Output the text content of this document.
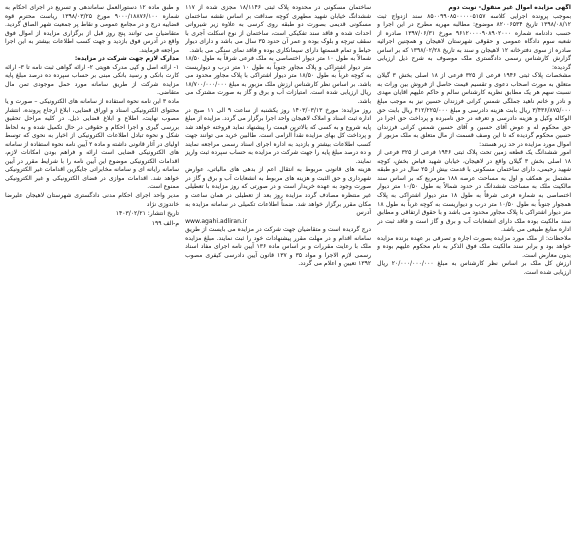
آگهی مزایده اموال غیر منقول- نوبت دوم

بموجب پرونده اجرایی کلاسه ۸۵۰۰۹۹۰۸۵۰۰۰۰۰۵۱۵۷ سند ازدواج ثبت ۱۳۹۸/۰۸/۱۲ تاریخ ۸۲۰۰۶۵۳۴ موضوع: مطالبه مهریه مطرح در این اجرا و حسب دادنامه شماره ۹۶۱۲۰۰۰۰۹۰۸۹۰۲۰۰۰ مورخ ۱۳۹۷/۰۶/۳۱ صادره از شعبه سوم دادگاه عمومی و حقوقی شهرستان لاهیجان و همچنین اجرائیه صادره از سوی دفترخانه ۱۲ لاهیجان و سند به تاریخ ۱۳۹۸/۰۲/۲۸ که بر اساس گزارش کارشناس رسمی دادگستری ملک موصوف به شرح ذیل ارزیابی گردیده:

مشخصات پلاک ثبتی ۱۹۴۶ فرعی از ۳۲۵ فرعی از ۱۸ اصلی بخش ۳ گیلان متعلق به مورث اصحاب دعوی و تقسیم قیمت حاصل از فروش بین وراث به نسبت سهم هر یک مطابق نظریه کارشناس سالم و حاکم علیهم اقایان مهدی و نادر و خانم ناهید جملگی شمس کرانی فرزندان حسین نیز به موجب مبلغ ۳/۴۳۶/۸۷۵/۰۰۰ ریال بابت هزینه دادرسی و مبلغ ۴۱۲/۲۲۵/۰۰۰ ریال بابت حق الوکاله وکیل و هزینه دادرسی و تعرفه در حق نامبرده و پرداخت حق اجرا در حق محکوم له و عوض آقای حسین و آقای حسین شمس کرانی فرزندان حسین محکوم گردیده که تا این وصف قسمت از مال متعلق به ملک مزبور از اموال مورد مزایده در حد زیر هستند:

امور ششدانگ یک قطعه زمین تحت پلاک ثبتی ۱۹۴۶ فرعی از ۳۲۵ فرعی از ۱۸ اصلی بخش ۳ گیلان واقع در لاهیجان، خیابان شهید فیاض بخش، کوچه شهید رحیمی، دارای ساختمان مسکونی با قدمت بیش از ۲۵ سال در دو طبقه مشتمل بر همکف و اول به مساحت عرصه ۱۸۸ مترمربع که بر اساس سند مالکیت ملک به مساحت ششدانگ در حدود شمالاً به طول ۱۰/۵۰ متر دیوار اختصاصی به شماره فرعی شرقاً به طول ۱۸ متر دیوار اشتراکی به پلاک همجوار جنوباً به طول ۱۰/۵۰ متر درب و دیواریست به کوچه غرباً به طول ۱۸ متر دیوار اشتراکی با پلاک مجاور محدود می باشد و با حقوق ارتفاقی و مطابق سند مالکیت بوده ملک دارای انشعابات آب و برق و گاز است و فاقد ثبت در اداره منابع طبیعی می باشد.

ملاحظات: از ملک مورد مزایده بصورت اجاره و تصرفی بر عهده برنده مزایده خواهد بود و برابر سند مالکیت ملک فوق الذکر به نام محکوم علیهم بوده و بدون معارض است.

ارزش کل ملک بر اساس نظر کارشناس به مبلغ ۲۰/۰۰۰/۰۰۰/۰۰۰ ریال ارزیابی شده است.

ساختمان مسکونی در محدوده پلاک ثبتی ۱۸/۱۱۴۶ مجزی شده از ۱۱۷ ششدانگ خیابان شهید مطهری کوچه صداقت بر اساس نقشه ساختمان مسکونی قدیمی بصورت دو طبقه روی کرسی به علاوه زیر شیروانی احداث شده و فاقد سند تفکیکی است، ساختمان از نوع اسکلت آجری با سقف تیرچه و بلوک بوده و عمر آن حدود ۳۵ سال می باشد و دارای دیوار حیاط و تمام قسمتها دارای سیمانکاری بوده و فاقد نمای سنگی می باشد.

شمالاً به طول ۱۰ متر دیوار اختصاصی به ملک فرعی شرقاً به طول ۱۸/۵۰ متر دیوار اشتراکی و پلاک مجاور جنوباً به طول ۱۰ متر درب و دیواریست به کوچه غرباً به طول ۱۸/۵۰ متر دیوار اشتراکی با پلاک مجاور محدود می باشد. بر اساس نظر کارشناس ارزش ملک مزبور به مبلغ ۱۸/۷۰۰/۰۰۰/۰۰۰ ریال ارزیابی شده است. امتیازات آب و برق و گاز به صورت مشترک می باشد.

روز مزایده: مورخ ۱۴۰۳/۰۳/۱۳ روز یکشنبه از ساعت ۹ الی ۱۱ صبح در اداره ثبت اسناد و املاک لاهیجان واحد اجرا برگزار می گردد. مزایده از مبلغ پایه شروع و به کسی که بالاترین قیمت را پیشنهاد نماید فروخته خواهد شد و پرداخت کل بهای مزایده نقداً الزامی است. طالبین خرید می توانند جهت کسب اطلاعات بیشتر و بازدید به اداره اجرای اسناد رسمی مراجعه نمایند و ده درصد مبلغ پایه را جهت شرکت در مزایده به حساب سپرده ثبت واریز نمایند.

هزینه های قانونی مربوط به انتقال اعم از بدهی های مالیاتی، عوارض شهرداری و حق الثبت و هزینه های مربوط به انشعابات آب و برق و گاز در صورت وجود به عهده خریدار است و در صورتی که روز مزایده با تعطیلی غیر منتظره مصادف گردد مزایده روز بعد از تعطیلی در همان ساعت و مکان مقرر برگزار خواهد شد. ضمناً اطلاعات تکمیلی در سامانه مزایده به آدرس

www.agahi.adliran.ir

درج گردیده است و متقاضیان جهت شرکت در مزایده می بایست از طریق سامانه اقدام و در مهلت مقرر پیشنهادات خود را ثبت نمایند. مبلغ مزایده ملک با رعایت مقررات و بر اساس ماده ۱۳۶ آیین نامه اجرای مفاد اسناد رسمی لازم الاجرا و مواد ۳۵ و ۱۳۷ قانون آیین دادرسی کیفری مصوب ۱۳۹۲ تعیین و اعلام می گردد.

و طبق ماده ۱۲ دستورالعمل ساماندهی و تسریع در اجرای احکام به شماره ۹۰۰۰/۱۸۸۷۶/۱۰۰ مورخ ۱۳۹۸/۰۳/۲۵ ریاست محترم قوه قضاییه درج و در مجامع عمومی و نقاط پر جمعیت شهر الصاق گردید. متقاضیان می توانند پنج روز قبل از برگزاری مزایده از اموال فوق واقع در آدرس فوق بازدید و جهت کسب اطلاعات بیشتر به این اجرا مراجعه فرمایند.

مدارک لازم جهت شرکت در مزایده:

۱- ارائه اصل و کپی مدرک هویتی ۲- ارائه گواهی ثبت نامه تا ۳- ارائه کارت بانکی و رسید بانکی مبنی بر حساب سپرده ده درصد مبلغ پایه مزایده شرکت از طریق سامانه مورد حمل موجودی تمن مال متقاضی.

ماده ۳ این نامه نحوه استفاده از سامانه های الکترونیکی – صورت و یا محتوای الکترونیکی اسناد و اوراق قضایی، ابلاغ ارجاع پرونده، انتشار مصوب نهایت، اطلاع و ابلاغ قضایی ذیل. در کلیه مراحل تحقیق بررسی گیری و اجرا احکام و حقوقی در حال تکمیل شده و به لحاظ شکل و نحوه تبادل اطلاعات الکترونیکی از اخیار به نحوی که توسط اولیای در آثار قانونی داشته و ماده ۲ آیین نامه نحوه استفاده از سامانه های الکترونیکی قضایی است ارائه و فراهم بودن امکانات لازم، اقدامات الکترونیکی موضوع این آیین نامه را با شرایط مقرر در آیین سامانه رایانه ای و سامانه مخابراتی جایگزین اقدامات غیر الکترونیکی خواهد شد. اقدامات موازی در فضای الکترونیکی و غیر الکترونیکی ممنوع است.

مدیر واحد اجرای احکام مدنی دادگستری شهرستان لاهیجان علیرضا خاندوزی نژاد

تاریخ انتشار: ۱۴۰۳/۰۲/۲۱
م-الف ۱۹۹
